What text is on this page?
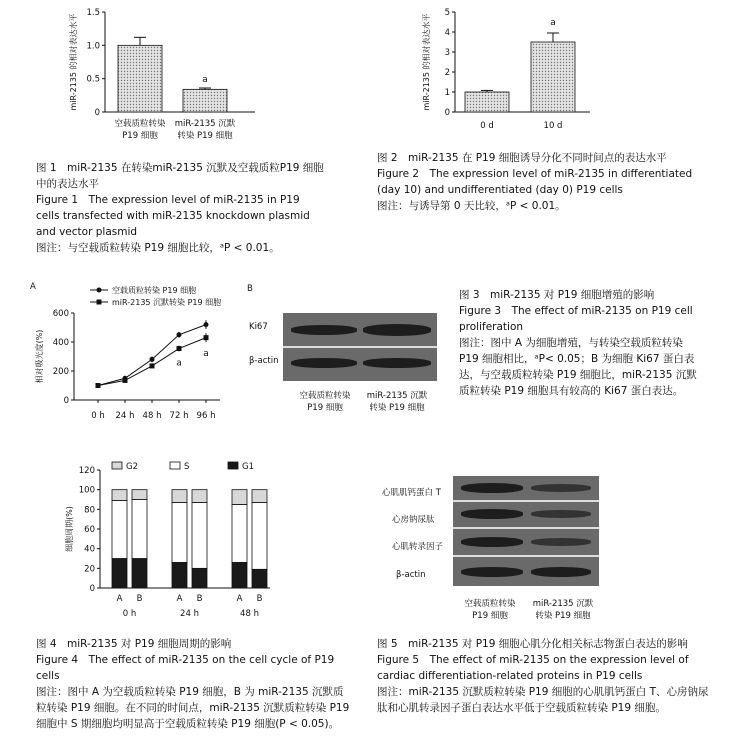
0
0.5
1.0
1.5
miR-2135 的相对表达水平
空载质粒转染
P19 细胞
a
miR-2135 沉默
转染 P19 细胞
图 1　miR-2135 在转染miR-2135 沉默及空载质粒P19 细胞中的表达水平
Figure 1　The expression level of miR-2135 in P19 cells transfected with miR-2135 knockdown plasmid and vector plasmid
图注：与空载质粒转染 P19 细胞比较，ᵃP < 0.01。
0
1
2
3
4
5
miR-2135 的相对表达水平
0 d
a
10 d
图 2　miR-2135 在 P19 细胞诱导分化不同时间点的表达水平
Figure 2　The expression level of miR-2135 in differentiated (day 10) and undifferentiated (day 0) P19 cells
图注：与诱导第 0 天比较，ᵃP < 0.01。
A
0
200
400
600
相对吸光度(%)
0 h 24 h 48 h 72 h 96 h
空载质粒转染 P19 细胞
miR-2135 沉默转染 P19 细胞
a
a
B
Ki67
β-actin
空载质粒转染
P19 细胞
miR-2135 沉默
转染 P19 细胞
图 3　miR-2135 对 P19 细胞增殖的影响
Figure 3　The effect of miR-2135 on P19 cell proliferation
图注：图中 A 为细胞增殖，与转染空载质粒转染 P19 细胞相比，ᵃP< 0.05；B 为细胞 Ki67 蛋白表达，与空载质粒转染 P19 细胞比，miR-2135 沉默质粒转染 P19 细胞具有较高的 Ki67 蛋白表达。
0
20
40
60
80
100
120
细胞周期(%)
A B	A B	A B
0 h	24 h	48 h
G2	S	G1
图 4　miR-2135 对 P19 细胞周期的影响
Figure 4　The effect of miR-2135 on the cell cycle of P19 cells
图注：图中 A 为空载质粒转染 P19 细胞，B 为 miR-2135 沉默质粒转染 P19 细胞。在不同的时间点，miR-2135 沉默质粒转染 P19 细胞中 S 期细胞均明显高于空载质粒转染 P19 细胞(P < 0.05)。
心肌肌钙蛋白 T
心房钠尿肽
心肌转录因子
β-actin
空载质粒转染
P19 细胞
miR-2135 沉默
转染 P19 细胞
图 5　miR-2135 对 P19 细胞心肌分化相关标志物蛋白表达的影响
Figure 5　The effect of miR-2135 on the expression level of cardiac differentiation-related proteins in P19 cells
图注：miR-2135 沉默质粒转染 P19 细胞的心肌肌钙蛋白 T、心房钠尿肽和心肌转录因子蛋白表达水平低于空载质粒转染 P19 细胞。
